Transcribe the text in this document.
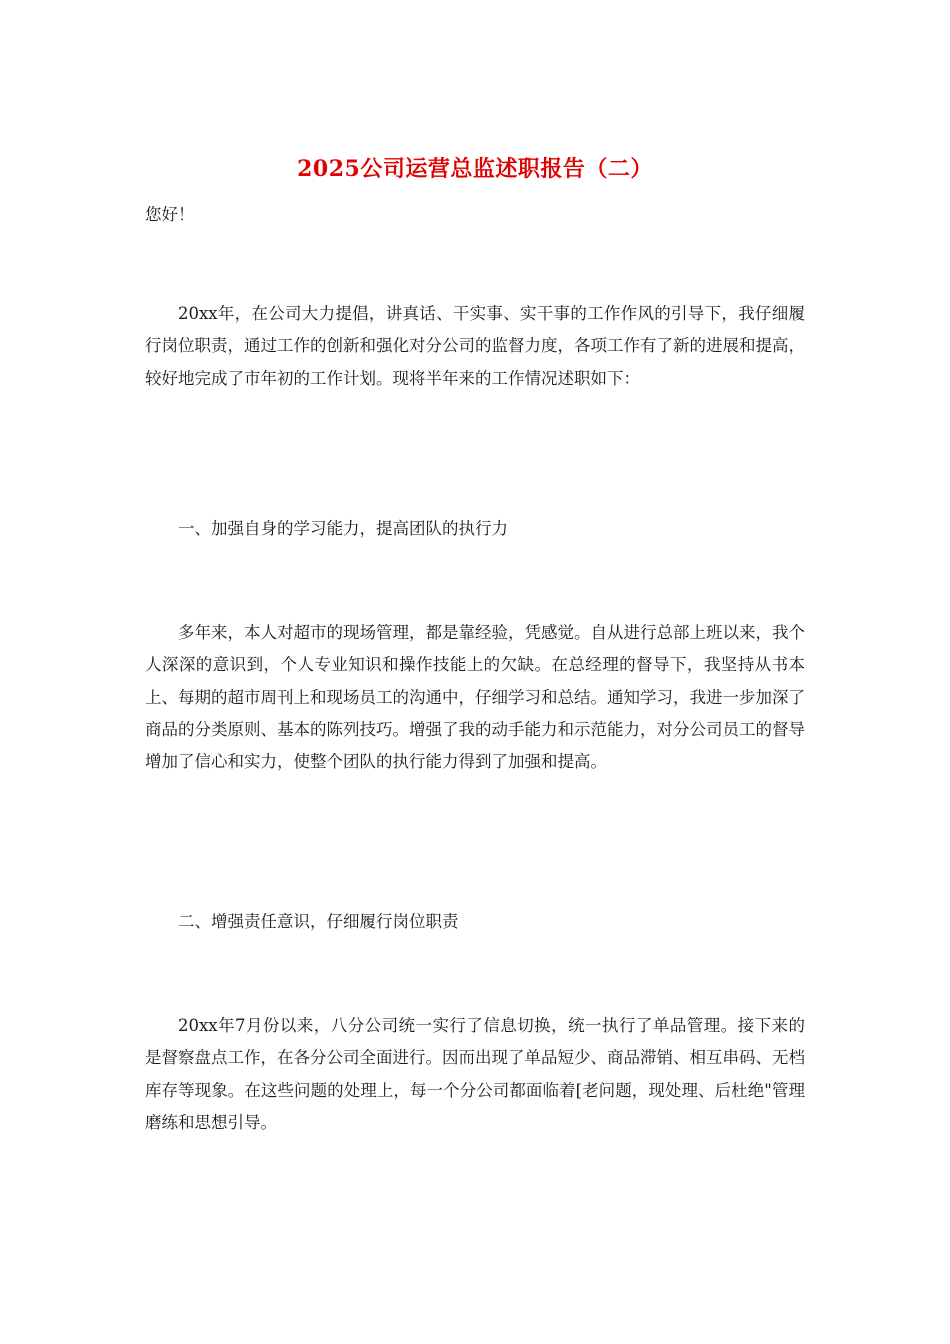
2025公司运营总监述职报告（二）
您好！
20xx年，在公司大力提倡，讲真话、干实事、实干事的工作作风的引导下，我仔细履行岗位职责，通过工作的创新和强化对分公司的监督力度，各项工作有了新的进展和提高，较好地完成了市年初的工作计划。现将半年来的工作情况述职如下：
一、加强自身的学习能力，提高团队的执行力
多年来，本人对超市的现场管理，都是靠经验，凭感觉。自从进行总部上班以来，我个人深深的意识到，个人专业知识和操作技能上的欠缺。在总经理的督导下，我坚持从书本上、每期的超市周刊上和现场员工的沟通中，仔细学习和总结。通知学习，我进一步加深了商品的分类原则、基本的陈列技巧。增强了我的动手能力和示范能力，对分公司员工的督导增加了信心和实力，使整个团队的执行能力得到了加强和提高。
二、增强责任意识，仔细履行岗位职责
20xx年7月份以来，八分公司统一实行了信息切换，统一执行了单品管理。接下来的是督察盘点工作，在各分公司全面进行。因而出现了单品短少、商品滞销、相互串码、无档库存等现象。在这些问题的处理上，每一个分公司都面临着[老问题，现处理、后杜绝"管理磨练和思想引导。
